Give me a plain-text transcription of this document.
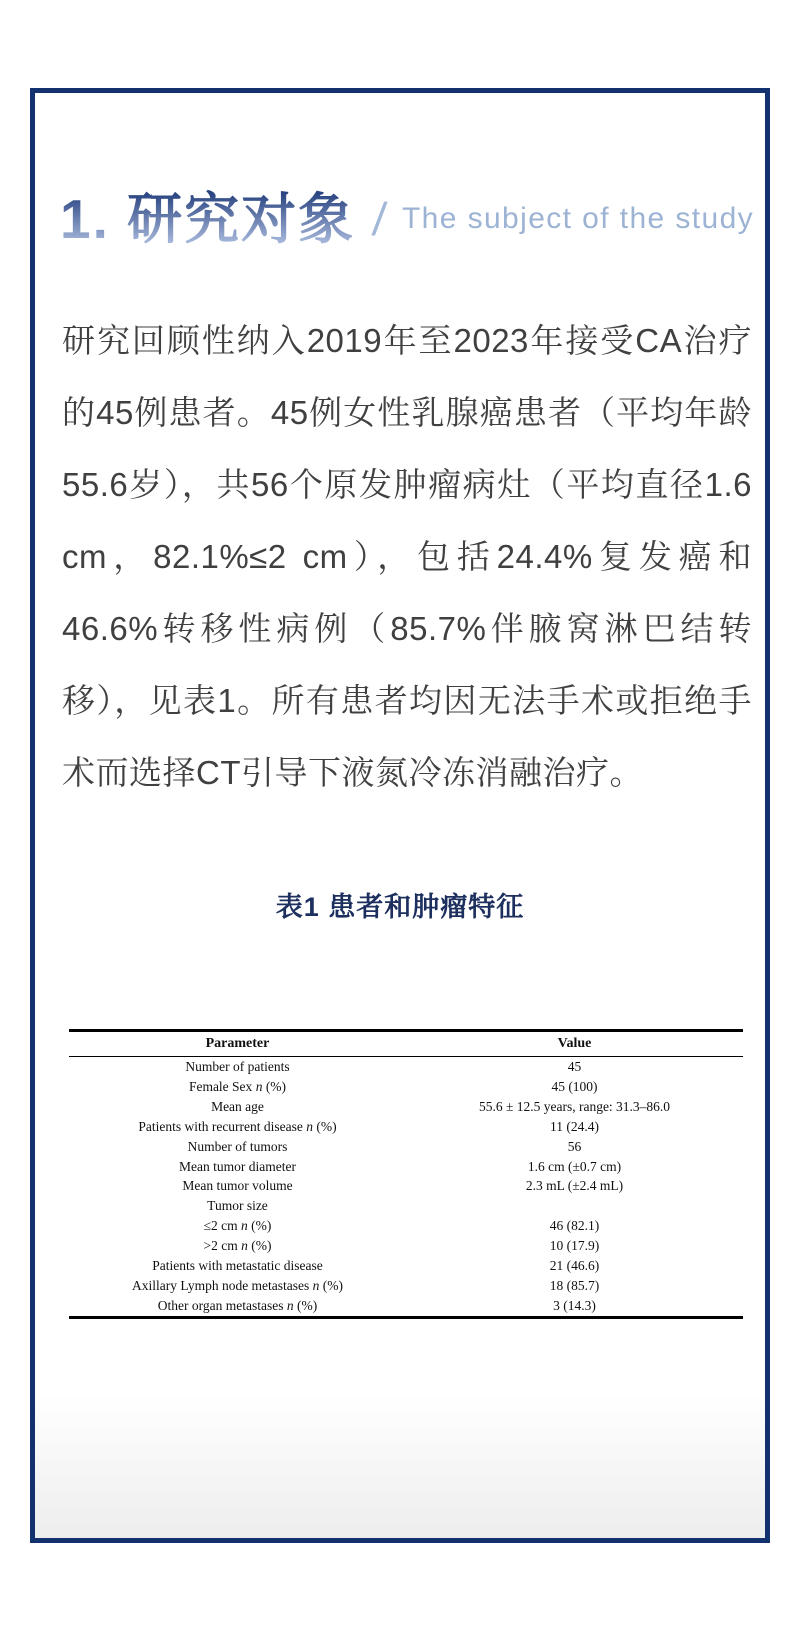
1. 研究对象 / The subject of the study
研究回顾性纳入2019年至2023年接受CA治疗的45例患者。45例女性乳腺癌患者（平均年龄55.6岁），共56个原发肿瘤病灶（平均直径1.6 cm，82.1%≤2 cm），包括24.4%复发癌和46.6%转移性病例（85.7%伴腋窝淋巴结转移），见表1。所有患者均因无法手术或拒绝手术而选择CT引导下液氮冷冻消融治疗。
表1 患者和肿瘤特征
Parameter	Value
Number of patients	45
Female Sex n (%)	45 (100)
Mean age	55.6 ± 12.5 years, range: 31.3–86.0
Patients with recurrent disease n (%)	11 (24.4)
Number of tumors	56
Mean tumor diameter	1.6 cm (±0.7 cm)
Mean tumor volume	2.3 mL (±2.4 mL)
Tumor size	
≤2 cm n (%)	46 (82.1)
>2 cm n (%)	10 (17.9)
Patients with metastatic disease	21 (46.6)
Axillary Lymph node metastases n (%)	18 (85.7)
Other organ metastases n (%)	3 (14.3)
